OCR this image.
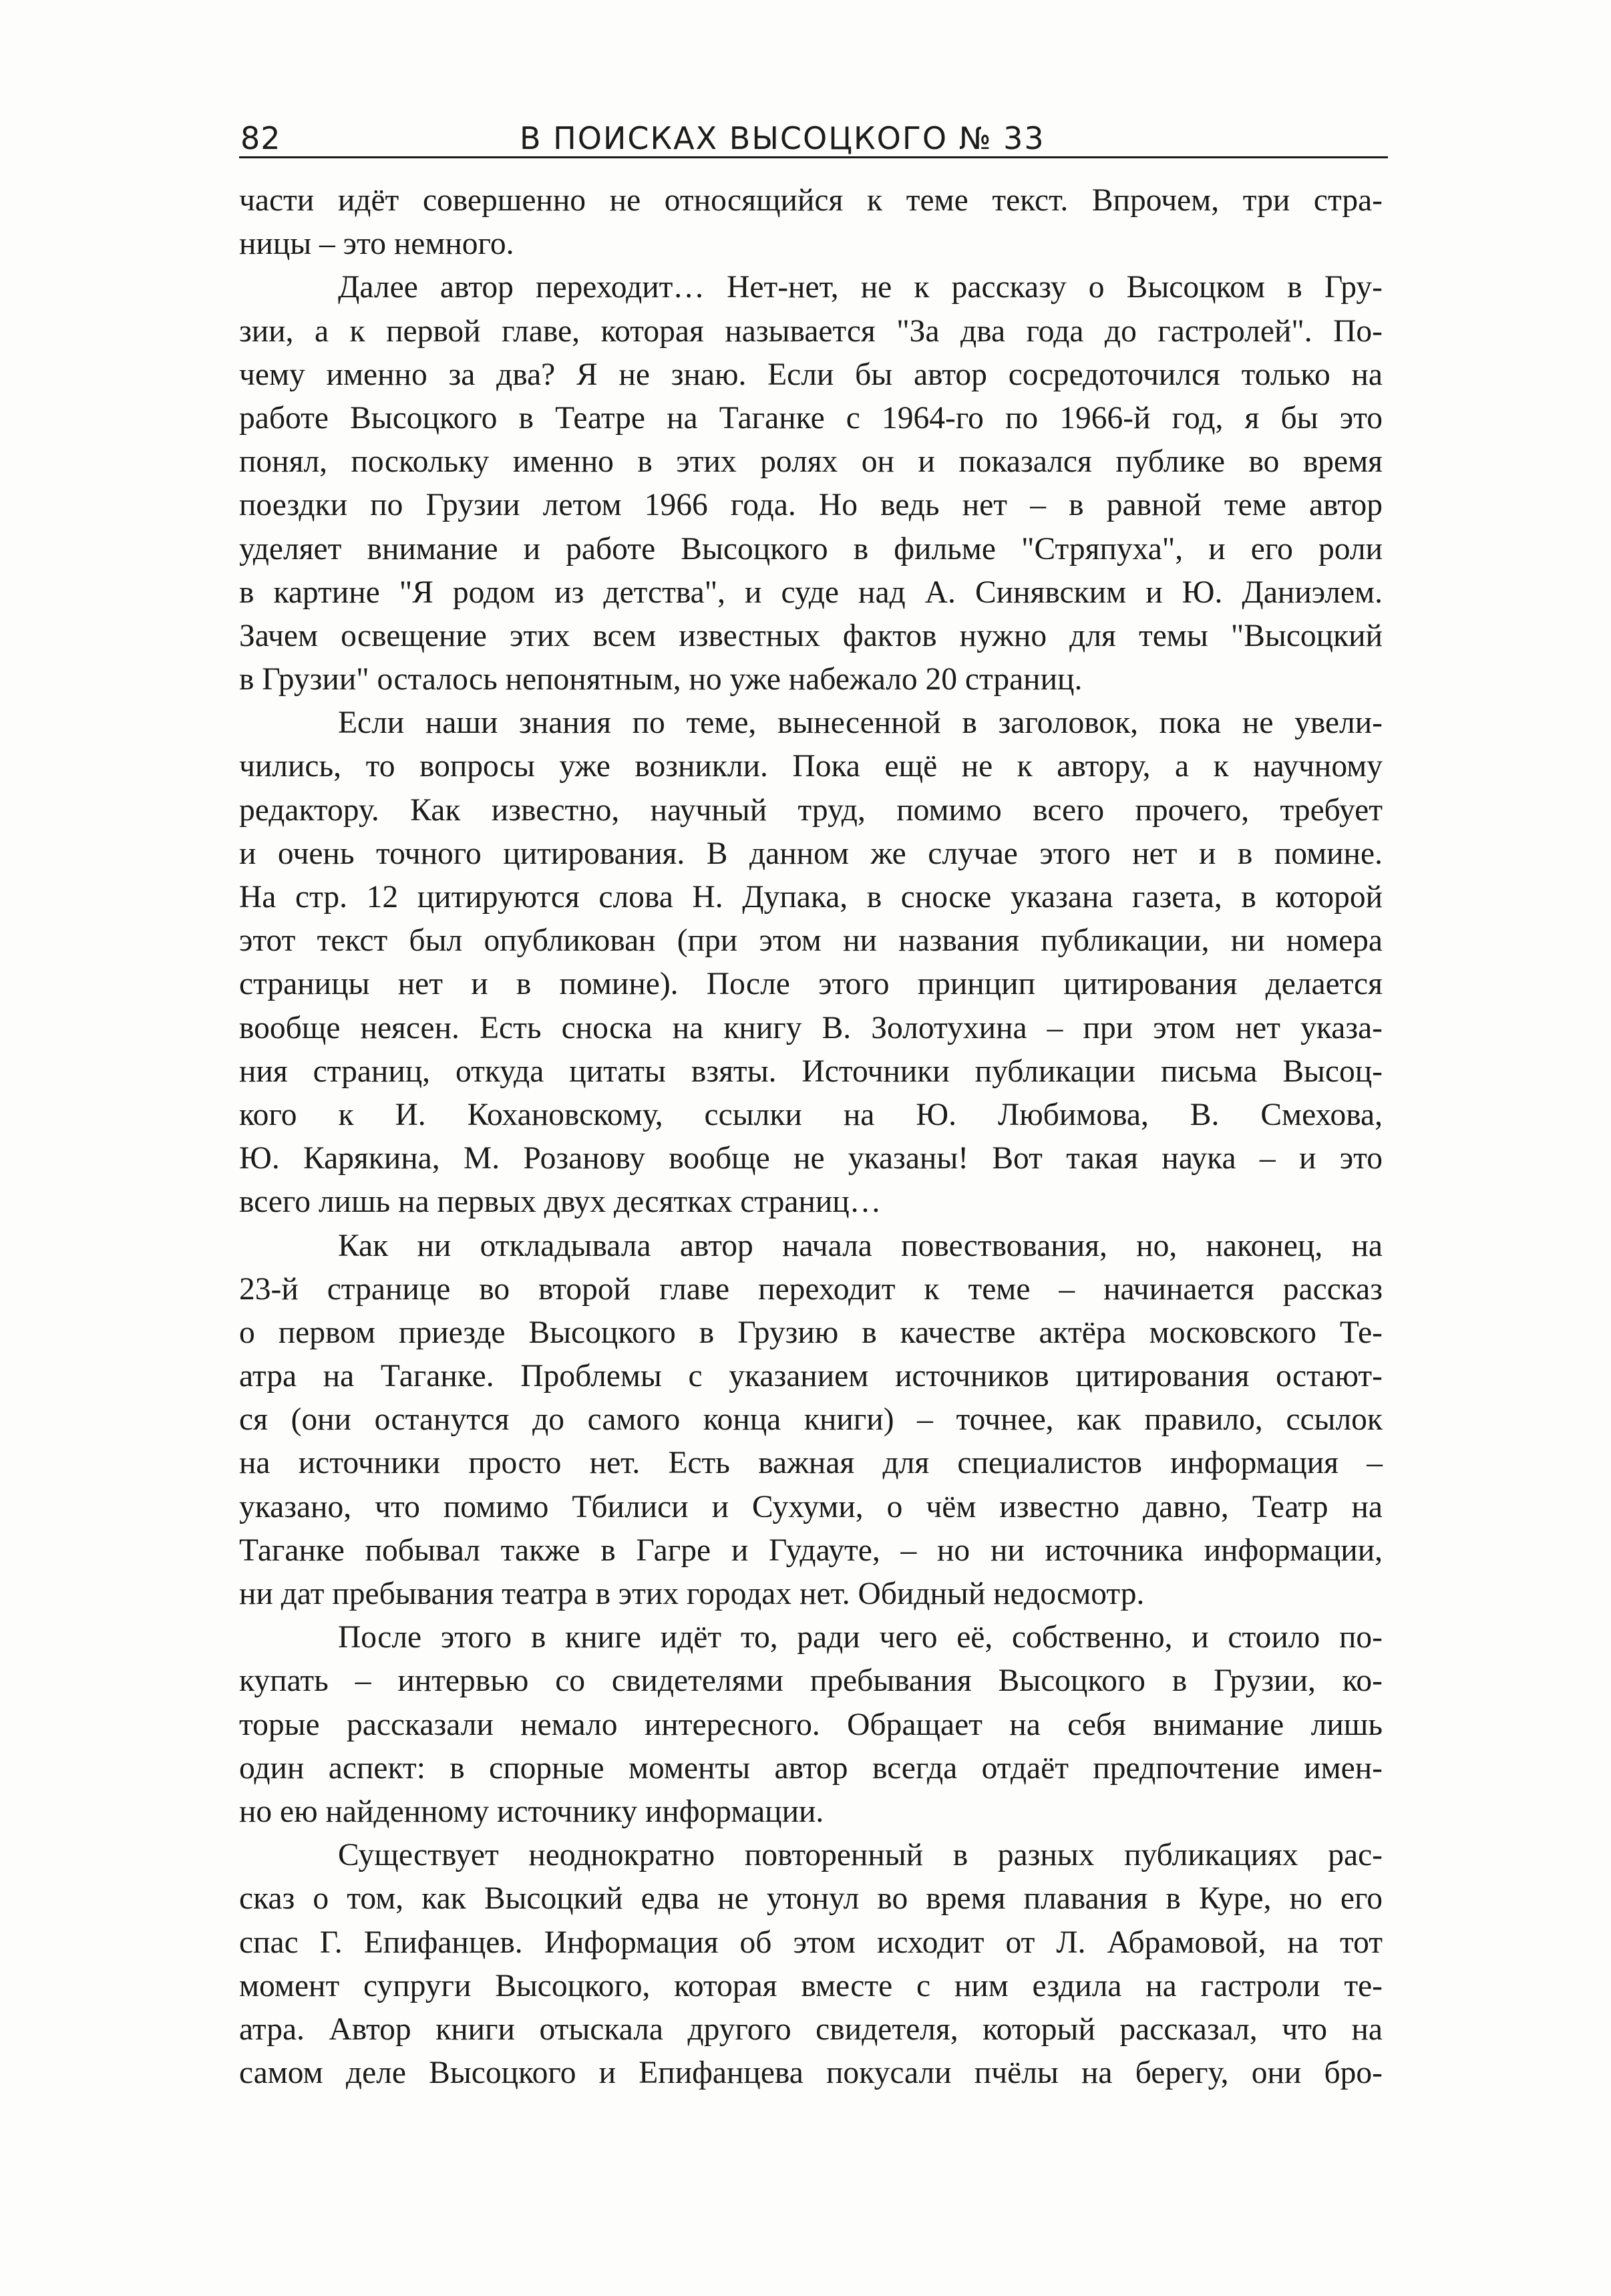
82	В ПОИСКАХ ВЫСОЦКОГО № 33
части идёт совершенно не относящийся к теме текст. Впрочем, три стра-
ницы – это немного.
Далее автор переходит… Нет-нет, не к рассказу о Высоцком в Гру-
зии, а к первой главе, которая называется "За два года до гастролей". По-
чему именно за два? Я не знаю. Если бы автор сосредоточился только на
работе Высоцкого в Театре на Таганке с 1964-го по 1966-й год, я бы это
понял, поскольку именно в этих ролях он и показался публике во время
поездки по Грузии летом 1966 года. Но ведь нет – в равной теме автор
уделяет внимание и работе Высоцкого в фильме "Стряпуха", и его роли
в картине "Я родом из детства", и суде над А. Синявским и Ю. Даниэлем.
Зачем освещение этих всем известных фактов нужно для темы "Высоцкий
в Грузии" осталось непонятным, но уже набежало 20 страниц.
Если наши знания по теме, вынесенной в заголовок, пока не увели-
чились, то вопросы уже возникли. Пока ещё не к автору, а к научному
редактору. Как известно, научный труд, помимо всего прочего, требует
и очень точного цитирования. В данном же случае этого нет и в помине.
На стр. 12 цитируются слова Н. Дупака, в сноске указана газета, в которой
этот текст был опубликован (при этом ни названия публикации, ни номера
страницы нет и в помине). После этого принцип цитирования делается
вообще неясен. Есть сноска на книгу В. Золотухина – при этом нет указа-
ния страниц, откуда цитаты взяты. Источники публикации письма Высоц-
кого к И. Кохановскому, ссылки на Ю. Любимова, В. Смехова,
Ю. Карякина, М. Розанову вообще не указаны! Вот такая наука – и это
всего лишь на первых двух десятках страниц…
Как ни откладывала автор начала повествования, но, наконец, на
23-й странице во второй главе переходит к теме – начинается рассказ
о первом приезде Высоцкого в Грузию в качестве актёра московского Те-
атра на Таганке. Проблемы с указанием источников цитирования остают-
ся (они останутся до самого конца книги) – точнее, как правило, ссылок
на источники просто нет. Есть важная для специалистов информация –
указано, что помимо Тбилиси и Сухуми, о чём известно давно, Театр на
Таганке побывал также в Гагре и Гудауте, – но ни источника информации,
ни дат пребывания театра в этих городах нет. Обидный недосмотр.
После этого в книге идёт то, ради чего её, собственно, и стоило по-
купать – интервью со свидетелями пребывания Высоцкого в Грузии, ко-
торые рассказали немало интересного. Обращает на себя внимание лишь
один аспект: в спорные моменты автор всегда отдаёт предпочтение имен-
но ею найденному источнику информации.
Существует неоднократно повторенный в разных публикациях рас-
сказ о том, как Высоцкий едва не утонул во время плавания в Куре, но его
спас Г. Епифанцев. Информация об этом исходит от Л. Абрамовой, на тот
момент супруги Высоцкого, которая вместе с ним ездила на гастроли те-
атра. Автор книги отыскала другого свидетеля, который рассказал, что на
самом деле Высоцкого и Епифанцева покусали пчёлы на берегу, они бро-
